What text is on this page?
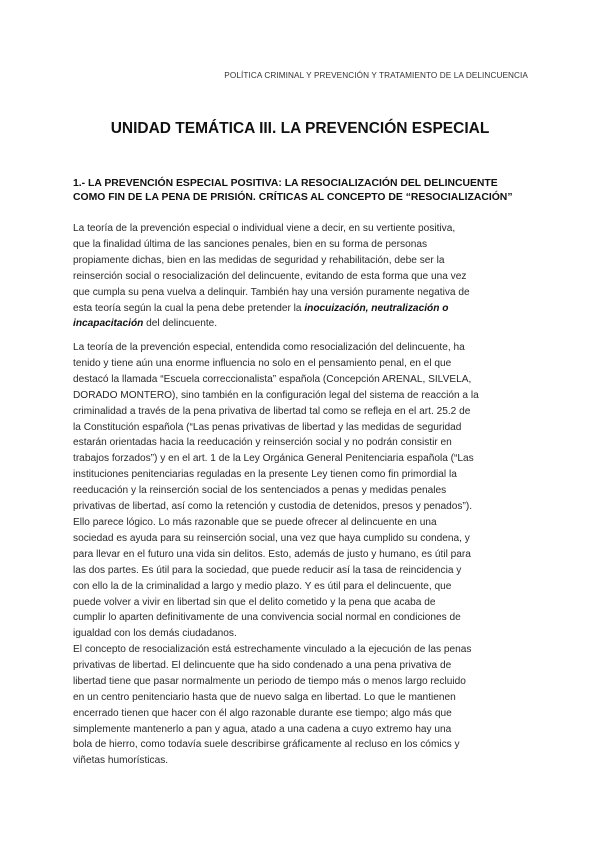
POLÍTICA CRIMINAL Y PREVENCIÓN Y TRATAMIENTO DE LA DELINCUENCIA
UNIDAD TEMÁTICA III. LA PREVENCIÓN ESPECIAL
1.- LA PREVENCIÓN ESPECIAL POSITIVA: LA RESOCIALIZACIÓN DEL DELINCUENTE
COMO FIN DE LA PENA DE PRISIÓN. CRÍTICAS AL CONCEPTO DE “RESOCIALIZACIÓN”
La teoría de la prevención especial o individual viene a decir, en su vertiente positiva,
que la finalidad última de las sanciones penales, bien en su forma de personas
propiamente dichas, bien en las medidas de seguridad y rehabilitación, debe ser la
reinserción social o resocialización del delincuente, evitando de esta forma que una vez
que cumpla su pena vuelva a delinquir. También hay una versión puramente negativa de
esta teoría según la cual la pena debe pretender la inocuización, neutralización o
incapacitación del delincuente.
La teoría de la prevención especial, entendida como resocialización del delincuente, ha
tenido y tiene aún una enorme influencia no solo en el pensamiento penal, en el que
destacó la llamada “Escuela correccionalista” española (Concepción ARENAL, SILVELA,
DORADO MONTERO), sino también en la configuración legal del sistema de reacción a la
criminalidad a través de la pena privativa de libertad tal como se refleja en el art. 25.2 de
la Constitución española (“Las penas privativas de libertad y las medidas de seguridad
estarán orientadas hacia la reeducación y reinserción social y no podrán consistir en
trabajos forzados”) y en el art. 1 de la Ley Orgánica General Penitenciaria española (“Las
instituciones penitenciarias reguladas en la presente Ley tienen como fin primordial la
reeducación y la reinserción social de los sentenciados a penas y medidas penales
privativas de libertad, así como la retención y custodia de detenidos, presos y penados”).
Ello parece lógico. Lo más razonable que se puede ofrecer al delincuente en una
sociedad es ayuda para su reinserción social, una vez que haya cumplido su condena, y
para llevar en el futuro una vida sin delitos. Esto, además de justo y humano, es útil para
las dos partes. Es útil para la sociedad, que puede reducir así la tasa de reincidencia y
con ello la de la criminalidad a largo y medio plazo. Y es útil para el delincuente, que
puede volver a vivir en libertad sin que el delito cometido y la pena que acaba de
cumplir lo aparten definitivamente de una convivencia social normal en condiciones de
igualdad con los demás ciudadanos.
El concepto de resocialización está estrechamente vinculado a la ejecución de las penas
privativas de libertad. El delincuente que ha sido condenado a una pena privativa de
libertad tiene que pasar normalmente un periodo de tiempo más o menos largo recluido
en un centro penitenciario hasta que de nuevo salga en libertad. Lo que le mantienen
encerrado tienen que hacer con él algo razonable durante ese tiempo; algo más que
simplemente mantenerlo a pan y agua, atado a una cadena a cuyo extremo hay una
bola de hierro, como todavía suele describirse gráficamente al recluso en los cómics y
viñetas humorísticas.
